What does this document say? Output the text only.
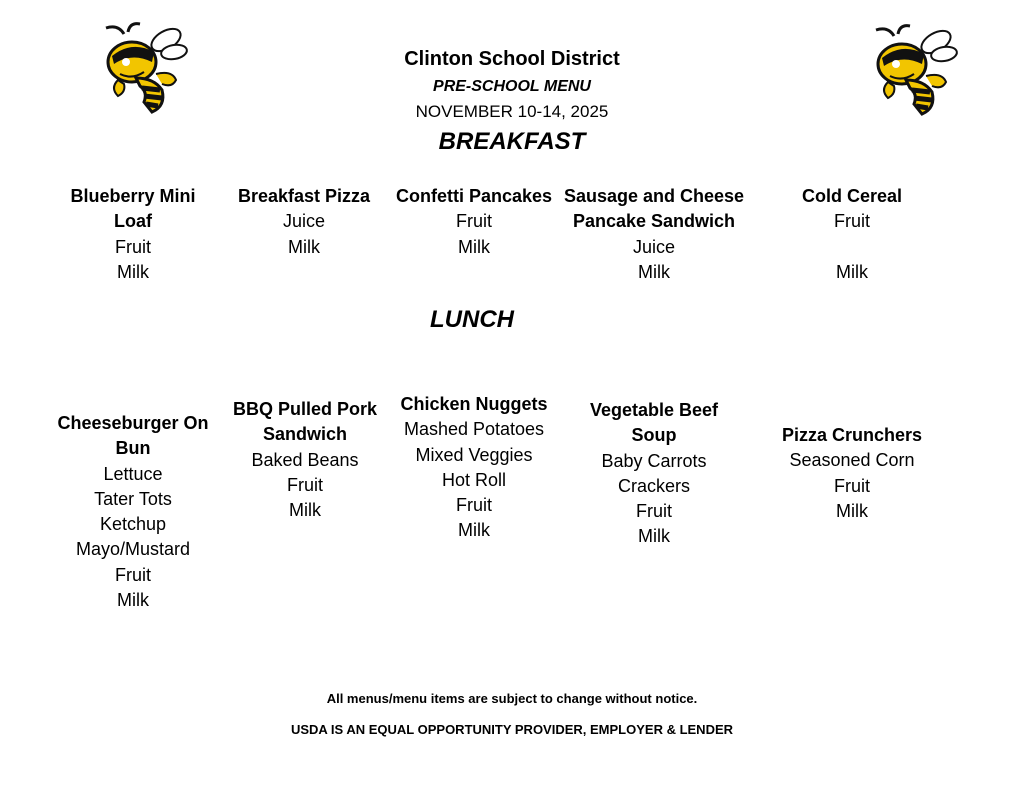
Clinton School District
PRE-SCHOOL MENU
NOVEMBER 10-14, 2025
BREAKFAST
Blueberry Mini
Loaf
Fruit
Milk
Breakfast Pizza
Juice
Milk
Confetti Pancakes
Fruit
Milk
Sausage and Cheese
Pancake Sandwich
Juice
Milk
Cold Cereal
Fruit
Milk
LUNCH
Cheeseburger On
Bun
Lettuce
Tater Tots
Ketchup
Mayo/Mustard
Fruit
Milk
BBQ Pulled Pork
Sandwich
Baked Beans
Fruit
Milk
Chicken Nuggets
Mashed Potatoes
Mixed Veggies
Hot Roll
Fruit
Milk
Vegetable Beef
Soup
Baby Carrots
Crackers
Fruit
Milk
Pizza Crunchers
Seasoned Corn
Fruit
Milk
All menus/menu items are subject to change without notice.
USDA IS AN EQUAL OPPORTUNITY PROVIDER, EMPLOYER & LENDER
